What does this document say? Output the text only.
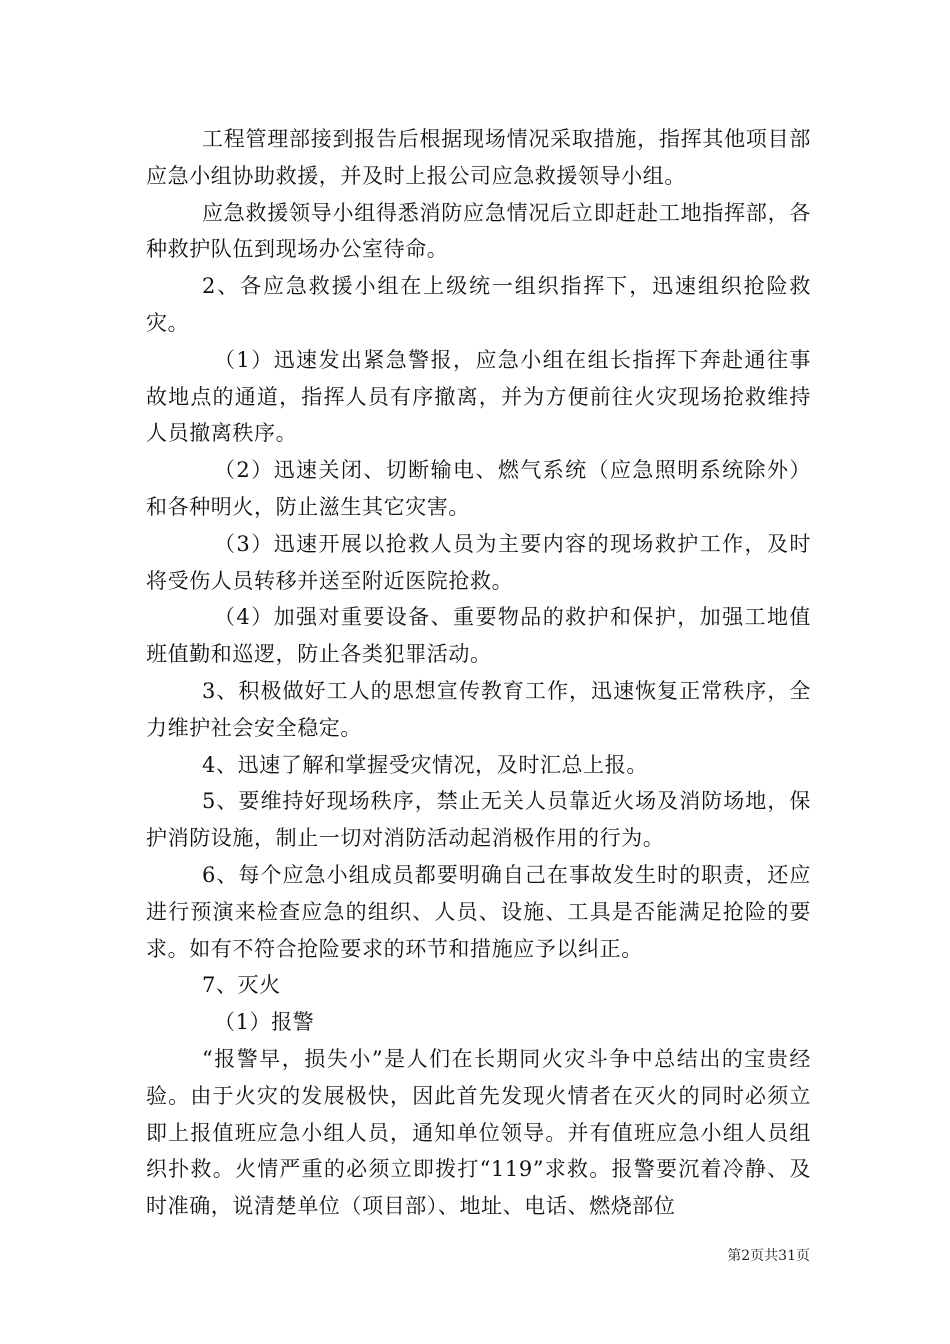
工程管理部接到报告后根据现场情况采取措施，指挥其他项目部应急小组协助救援，并及时上报公司应急救援领导小组。

应急救援领导小组得悉消防应急情况后立即赶赴工地指挥部，各种救护队伍到现场办公室待命。

2、各应急救援小组在上级统一组织指挥下，迅速组织抢险救灾。

（1）迅速发出紧急警报，应急小组在组长指挥下奔赴通往事故地点的通道，指挥人员有序撤离，并为方便前往火灾现场抢救维持人员撤离秩序。

（2）迅速关闭、切断输电、燃气系统（应急照明系统除外）和各种明火，防止滋生其它灾害。

（3）迅速开展以抢救人员为主要内容的现场救护工作，及时将受伤人员转移并送至附近医院抢救。

（4）加强对重要设备、重要物品的救护和保护，加强工地值班值勤和巡逻，防止各类犯罪活动。

3、积极做好工人的思想宣传教育工作，迅速恢复正常秩序，全力维护社会安全稳定。

4、迅速了解和掌握受灾情况，及时汇总上报。

5、要维持好现场秩序，禁止无关人员靠近火场及消防场地，保护消防设施，制止一切对消防活动起消极作用的行为。

6、每个应急小组成员都要明确自己在事故发生时的职责，还应进行预演来检查应急的组织、人员、设施、工具是否能满足抢险的要求。如有不符合抢险要求的环节和措施应予以纠正。

7、灭火

（1）报警

“报警早，损失小”是人们在长期同火灾斗争中总结出的宝贵经验。由于火灾的发展极快，因此首先发现火情者在灭火的同时必须立即上报值班应急小组人员，通知单位领导。并有值班应急小组人员组织扑救。火情严重的必须立即拨打“119”求救。报警要沉着冷静、及时准确，说清楚单位（项目部）、地址、电话、燃烧部位

第2页共31页
